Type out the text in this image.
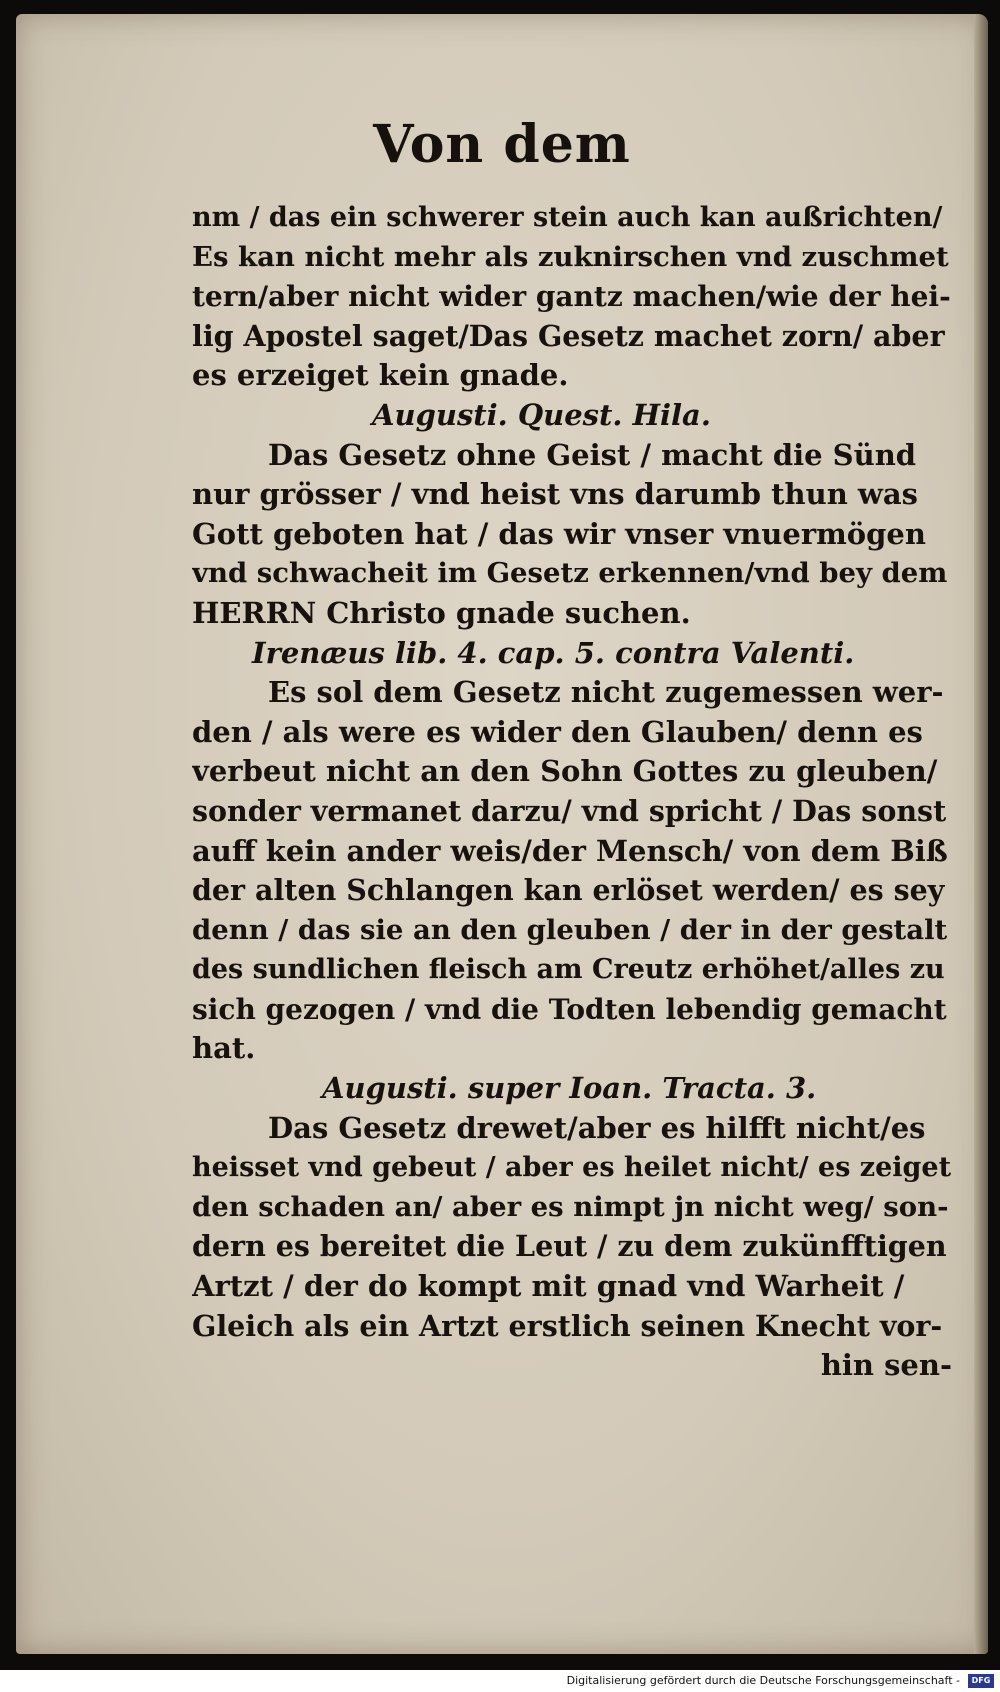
Von dem
nm / das ein schwerer stein auch kan außrichten/
Es kan nicht mehr als zuknirschen vnd zuschmet
tern/aber nicht wider gantz machen/wie der hei-
lig Apostel saget/Das Gesetz machet zorn/ aber
es erzeiget kein gnade.
Augusti. Quest. Hila.
Das Gesetz ohne Geist / macht die Sünd
nur grösser / vnd heist vns darumb thun was
Gott geboten hat / das wir vnser vnuermögen
vnd schwacheit im Gesetz erkennen/vnd bey dem
HERRN Christo gnade suchen.
Irenæus lib. 4. cap. 5. contra Valenti.
Es sol dem Gesetz nicht zugemessen wer-
den / als were es wider den Glauben/ denn es
verbeut nicht an den Sohn Gottes zu gleuben/
sonder vermanet darzu/ vnd spricht / Das sonst
auff kein ander weis/der Mensch/ von dem Biß
der alten Schlangen kan erlöset werden/ es sey
denn / das sie an den gleuben / der in der gestalt
des sundlichen fleisch am Creutz erhöhet/alles zu
sich gezogen / vnd die Todten lebendig gemacht
hat.
Augusti. super Ioan. Tracta. 3.
Das Gesetz drewet/aber es hilfft nicht/es
heisset vnd gebeut / aber es heilet nicht/ es zeiget
den schaden an/ aber es nimpt jn nicht weg/ son-
dern es bereitet die Leut / zu dem zukünfftigen
Artzt / der do kompt mit gnad vnd Warheit /
Gleich als ein Artzt erstlich seinen Knecht vor-
hin sen-
Digitalisierung gefördert durch die Deutsche Forschungsgemeinschaft -	DFG
